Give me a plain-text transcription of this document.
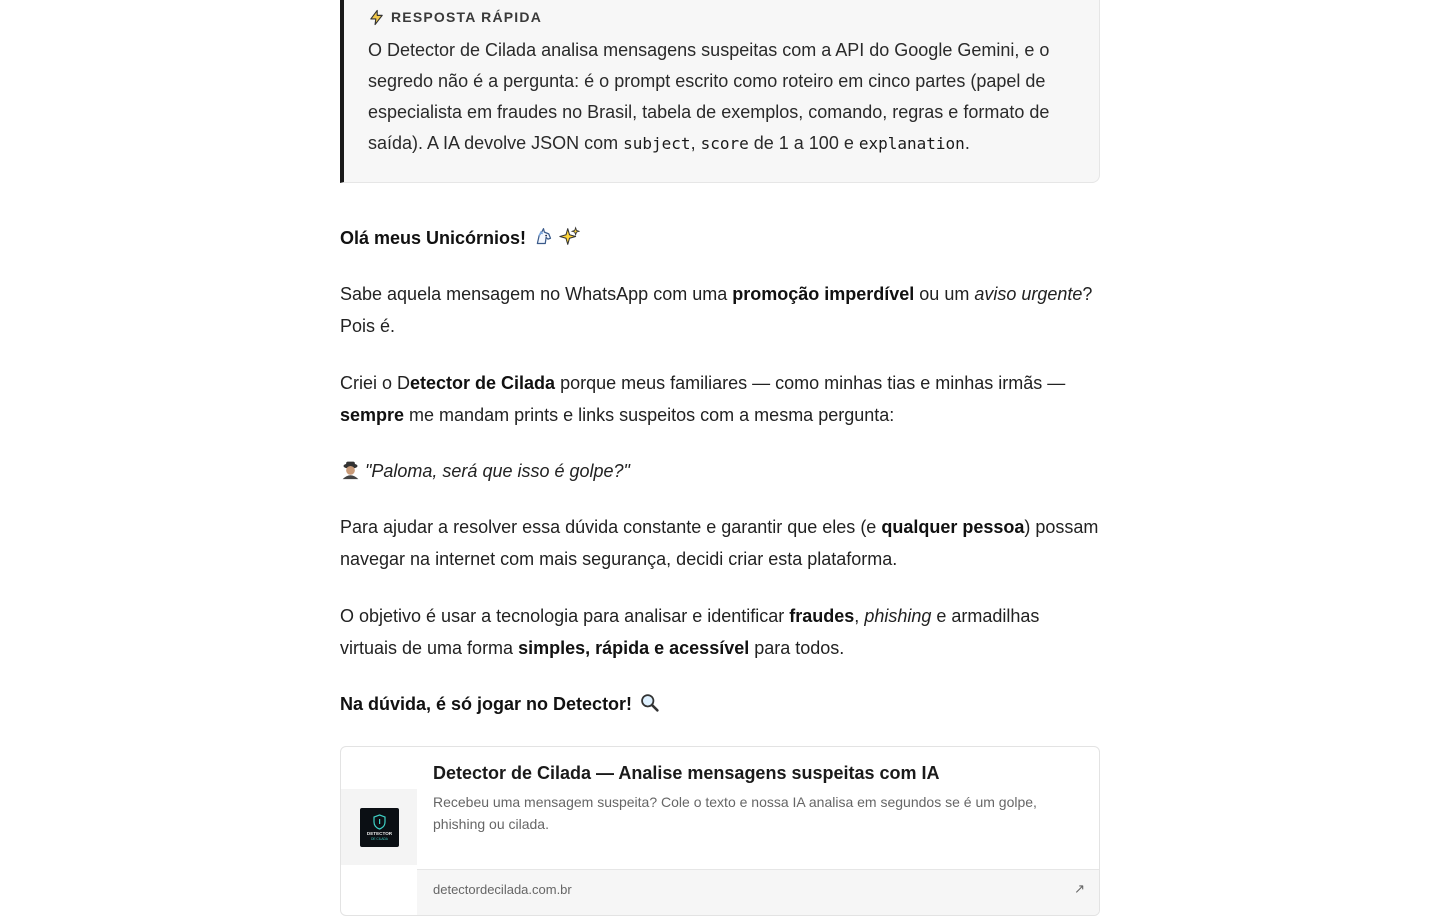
RESPOSTA RÁPIDA
O Detector de Cilada analisa mensagens suspeitas com a API do Google Gemini, e o segredo não é a pergunta: é o prompt escrito como roteiro em cinco partes (papel de especialista em fraudes no Brasil, tabela de exemplos, comando, regras e formato de saída). A IA devolve JSON com subject, score de 1 a 100 e explanation.

Olá meus Unicórnios!

Sabe aquela mensagem no WhatsApp com uma promoção imperdível ou um aviso urgente? Pois é.

Criei o Detector de Cilada porque meus familiares — como minhas tias e minhas irmãs — sempre me mandam prints e links suspeitos com a mesma pergunta:

"Paloma, será que isso é golpe?"

Para ajudar a resolver essa dúvida constante e garantir que eles (e qualquer pessoa) possam navegar na internet com mais segurança, decidi criar esta plataforma.

O objetivo é usar a tecnologia para analisar e identificar fraudes, phishing e armadilhas virtuais de uma forma simples, rápida e acessível para todos.

Na dúvida, é só jogar no Detector!

DETECTOR
DE CILADA
Detector de Cilada — Analise mensagens suspeitas com IA
Recebeu uma mensagem suspeita? Cole o texto e nossa IA analisa em segundos se é um golpe, phishing ou cilada.
detectordecilada.com.br	↗
